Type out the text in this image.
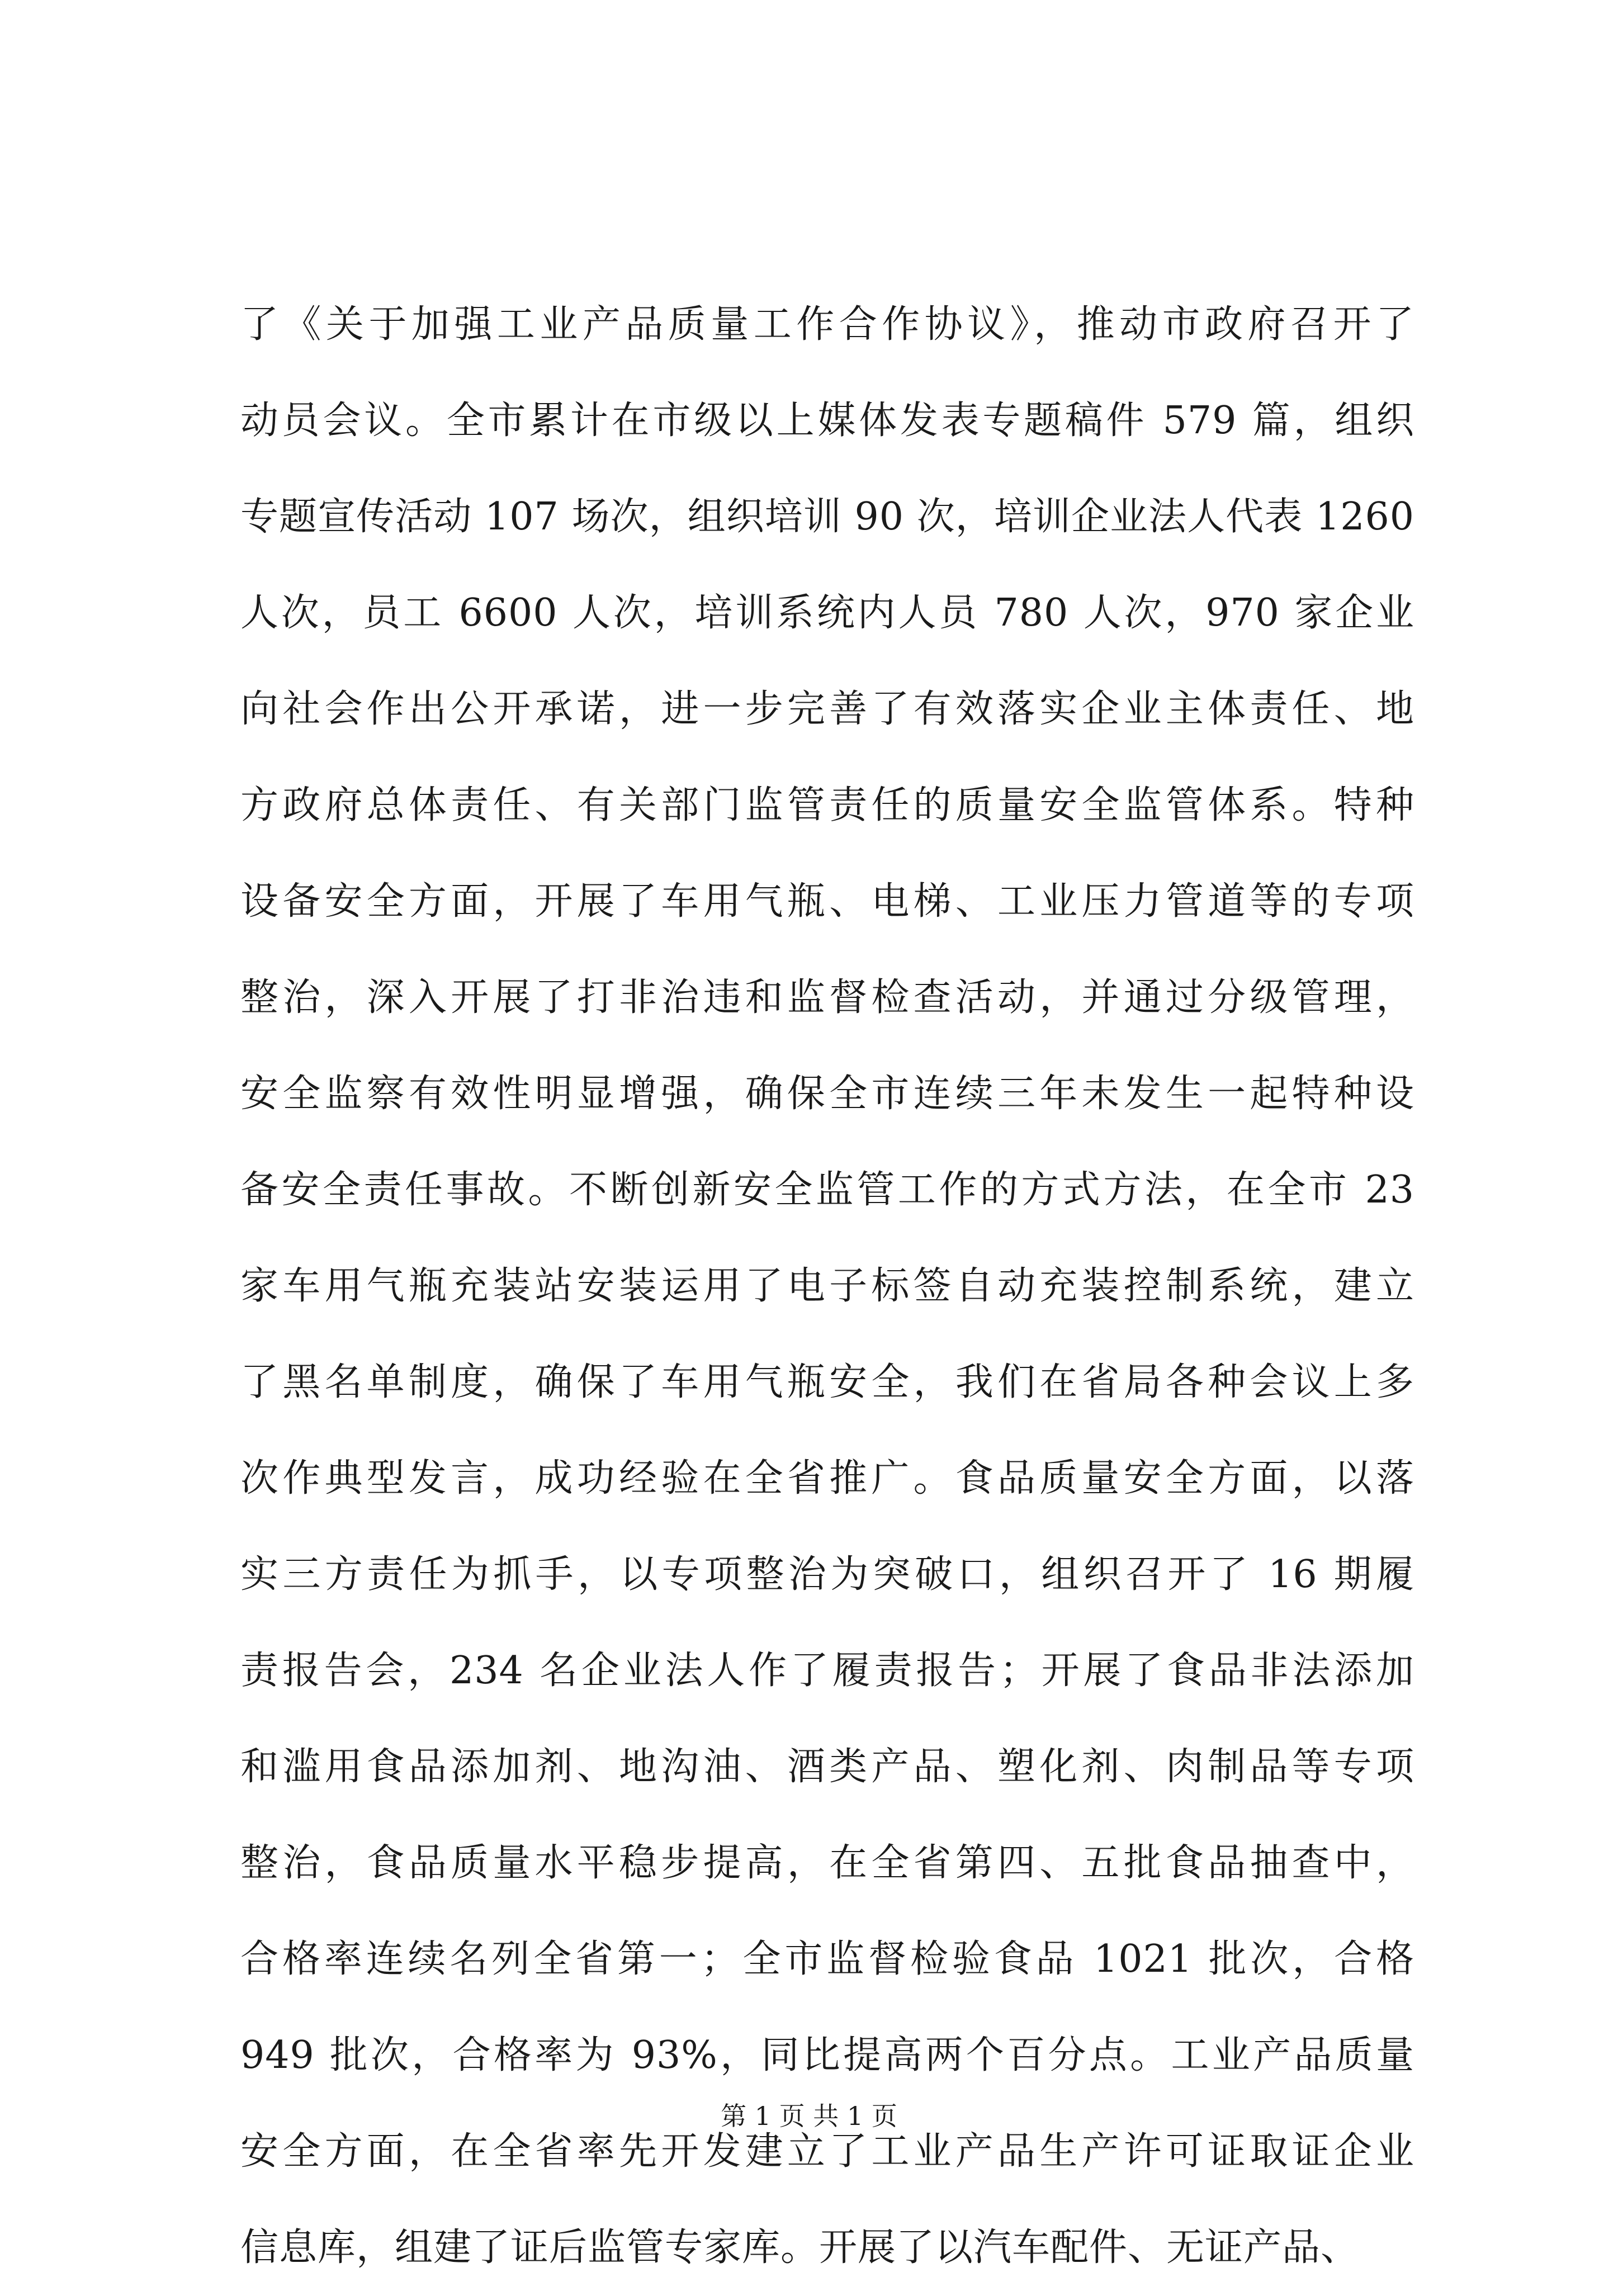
了《关于加强工业产品质量工作合作协议》，推动市政府召开了
动员会议。全市累计在市级以上媒体发表专题稿件 579 篇，组织
专题宣传活动 107 场次，组织培训 90 次，培训企业法人代表 1260
人次，员工 6600 人次，培训系统内人员 780 人次，970 家企业
向社会作出公开承诺，进一步完善了有效落实企业主体责任、地
方政府总体责任、有关部门监管责任的质量安全监管体系。特种
设备安全方面，开展了车用气瓶、电梯、工业压力管道等的专项
整治，深入开展了打非治违和监督检查活动，并通过分级管理，
安全监察有效性明显增强，确保全市连续三年未发生一起特种设
备安全责任事故。不断创新安全监管工作的方式方法，在全市 23
家车用气瓶充装站安装运用了电子标签自动充装控制系统，建立
了黑名单制度，确保了车用气瓶安全，我们在省局各种会议上多
次作典型发言，成功经验在全省推广。食品质量安全方面，以落
实三方责任为抓手，以专项整治为突破口，组织召开了 16 期履
责报告会，234 名企业法人作了履责报告；开展了食品非法添加
和滥用食品添加剂、地沟油、酒类产品、塑化剂、肉制品等专项
整治，食品质量水平稳步提高，在全省第四、五批食品抽查中，
合格率连续名列全省第一；全市监督检验食品 1021 批次，合格
949 批次，合格率为 93%，同比提高两个百分点。工业产品质量
安全方面，在全省率先开发建立了工业产品生产许可证取证企业
信息库，组建了证后监管专家库。开展了以汽车配件、无证产品、
第 1 页 共 1 页
